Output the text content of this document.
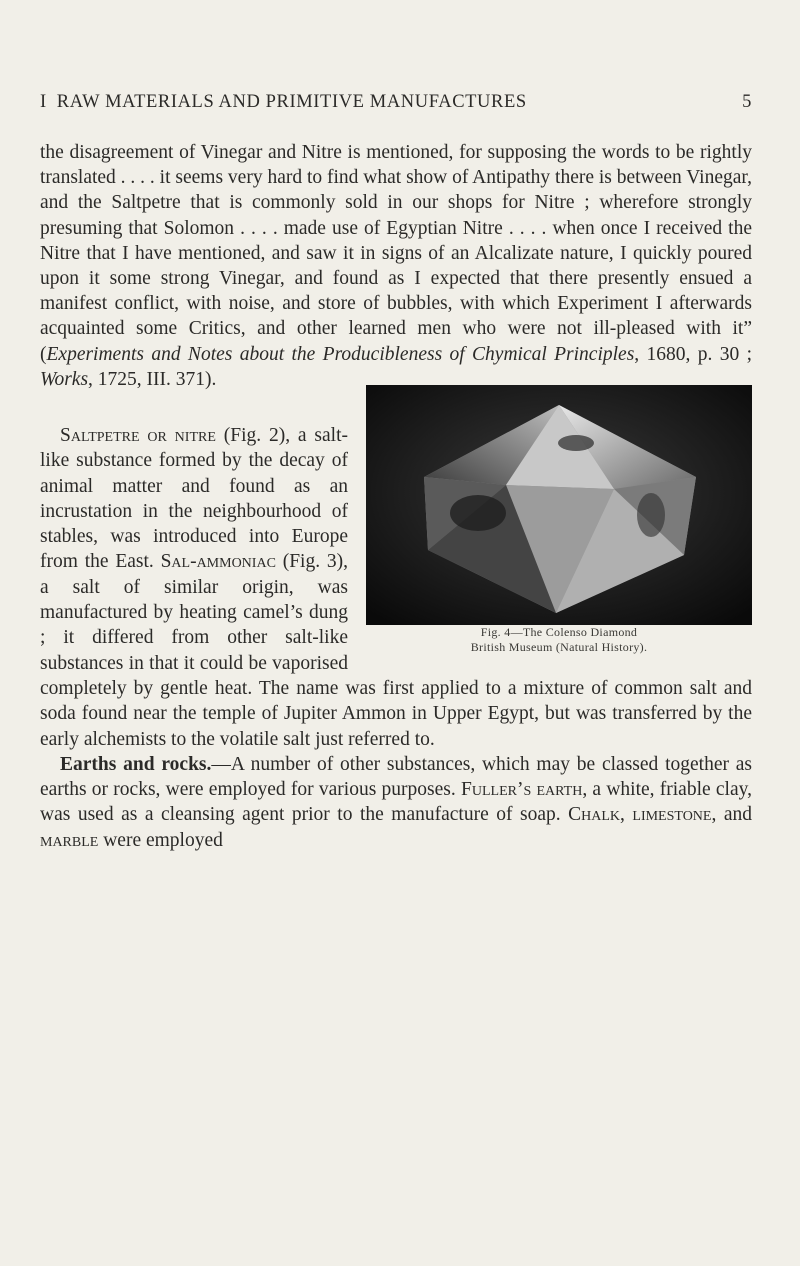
I RAW MATERIALS AND PRIMITIVE MANUFACTURES	5

the disagreement of Vinegar and Nitre is mentioned, for supposing the words to be rightly translated . . . . it seems very hard to find what show of Antipathy there is between Vinegar, and the Saltpetre that is commonly sold in our shops for Nitre ; wherefore strongly presuming that Solomon . . . . made use of Egyptian Nitre . . . . when once I received the Nitre that I have mentioned, and saw it in signs of an Alcalizate nature, I quickly poured upon it some strong Vinegar, and found as I expected that there presently ensued a manifest conflict, with noise, and store of bubbles, with which Experiment I afterwards acquainted some Critics, and other learned men who were not ill-pleased with it” (Experiments and Notes about the Producibleness of Chymical Principles, 1680, p. 30 ; Works, 1725, III. 371).

Fig. 4—The Colenso Diamond
British Museum (Natural History).

Saltpetre or nitre (Fig. 2), a salt-like substance formed by the decay of animal matter and found as an incrustation in the neighbourhood of stables, was introduced into Europe from the East. Sal-ammoniac (Fig. 3), a salt of similar origin, was manufactured by heating camel’s dung ; it differed from other salt-like substances in that it could be vaporised completely by gentle heat. The name was first applied to a mixture of common salt and soda found near the temple of Jupiter Ammon in Upper Egypt, but was transferred by the early alchemists to the volatile salt just referred to.

Earths and rocks.—A number of other substances, which may be classed together as earths or rocks, were employed for various purposes. Fuller’s earth, a white, friable clay, was used as a cleansing agent prior to the manufacture of soap. Chalk, limestone, and marble were employed
